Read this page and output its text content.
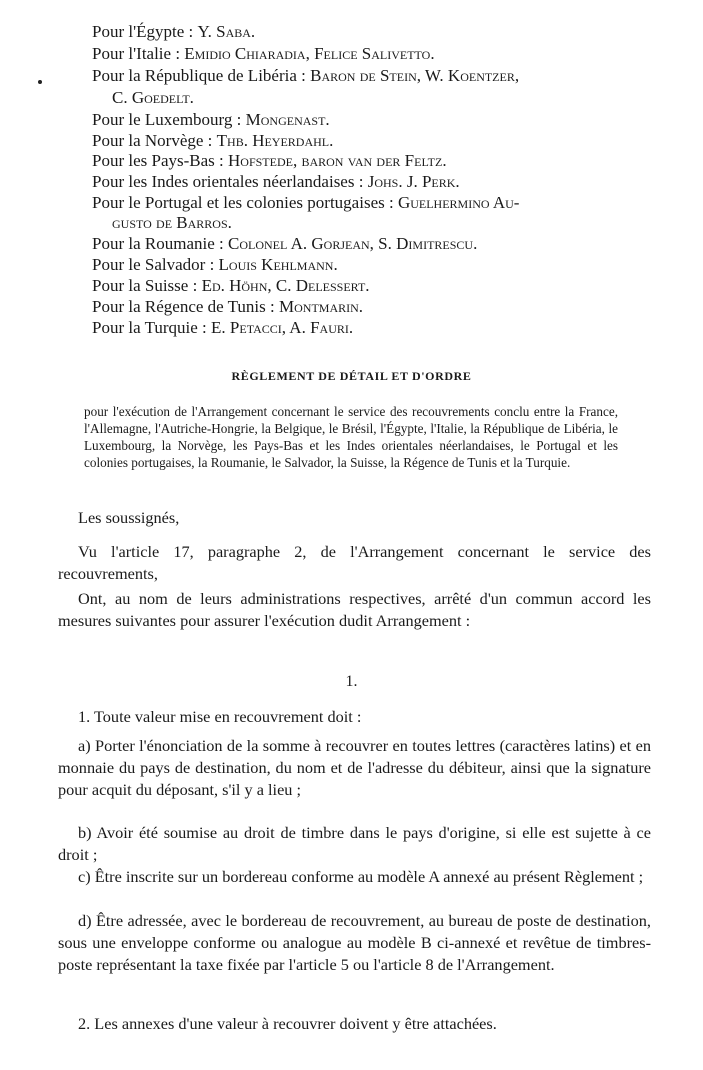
Pour l'Égypte : Y. Saba.

Pour l'Italie : Emidio Chiaradia, Felice Salivetto.

Pour la République de Libéria : Baron de Stein, W. Koentzer,

C. Goedelt.

Pour le Luxembourg : Mongenast.

Pour la Norvège : Thb. Heyerdahl.

Pour les Pays-Bas : Hofstede, baron van der Feltz.

Pour les Indes orientales néerlandaises : Johs. J. Perk.

Pour le Portugal et les colonies portugaises : Guelhermino Au-

gusto de Barros.

Pour la Roumanie : Colonel A. Gorjean, S. Dimitrescu.

Pour le Salvador : Louis Kehlmann.

Pour la Suisse : Ed. Höhn, C. Delessert.

Pour la Régence de Tunis : Montmarin.

Pour la Turquie : E. Petacci, A. Fauri.

RÈGLEMENT DE DÉTAIL ET D'ORDRE

pour l'exécution de l'Arrangement concernant le service des recouvrements conclu entre la France, l'Allemagne, l'Autriche-Hongrie, la Belgique, le Brésil, l'Égypte, l'Italie, la République de Libéria, le Luxembourg, la Norvège, les Pays-Bas et les Indes orientales néerlandaises, le Portugal et les colonies portugaises, la Roumanie, le Salvador, la Suisse, la Régence de Tunis et la Turquie.

Les soussignés,

Vu l'article 17, paragraphe 2, de l'Arrangement concernant le service des recouvrements,

Ont, au nom de leurs administrations respectives, arrêté d'un commun accord les mesures suivantes pour assurer l'exécution dudit Arrangement :

1.

1. Toute valeur mise en recouvrement doit :

a) Porter l'énonciation de la somme à recouvrer en toutes lettres (caractères latins) et en monnaie du pays de destination, du nom et de l'adresse du débiteur, ainsi que la signature pour acquit du déposant, s'il y a lieu ;

b) Avoir été soumise au droit de timbre dans le pays d'origine, si elle est sujette à ce droit ;

c) Être inscrite sur un bordereau conforme au modèle A annexé au présent Règlement ;

d) Être adressée, avec le bordereau de recouvrement, au bureau de poste de destination, sous une enveloppe conforme ou analogue au modèle B ci-annexé et revêtue de timbres-poste représentant la taxe fixée par l'article 5 ou l'article 8 de l'Arrangement.

2. Les annexes d'une valeur à recouvrer doivent y être attachées.
